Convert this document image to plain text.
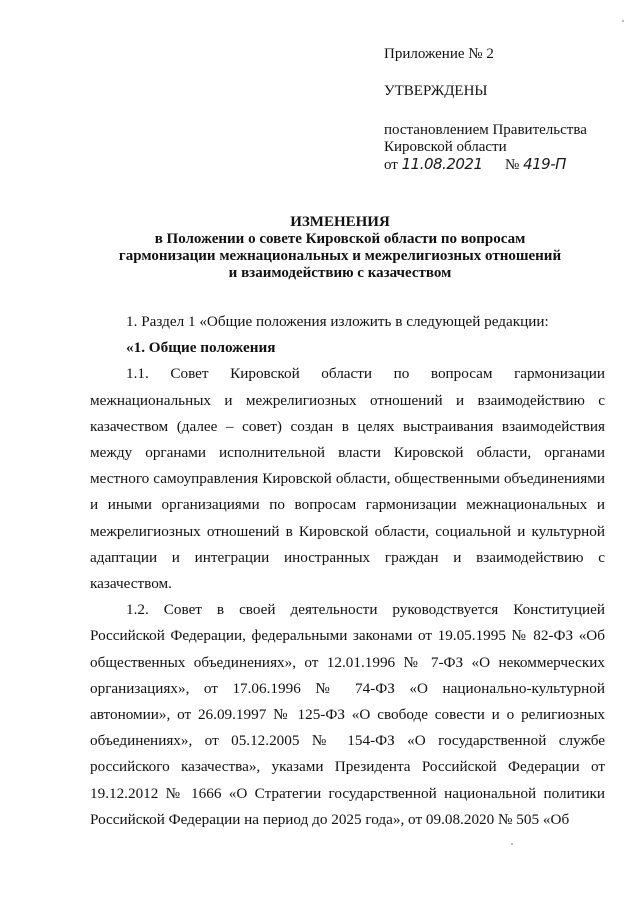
Приложение № 2
УТВЕРЖДЕНЫ
постановлением Правительства
Кировской области
от 11.08.2021 № 419-П
ИЗМЕНЕНИЯ
в Положении о совете Кировской области по вопросам
гармонизации межнациональных и межрелигиозных отношений
и взаимодействию с казачеством

1. Раздел 1 «Общие положения изложить в следующей редакции:

«1. Общие положения

1.1. Совет Кировской области по вопросам гармонизации межнациональных и межрелигиозных отношений и взаимодействию с казачеством (далее – совет) создан в целях выстраивания взаимодействия между органами исполнительной власти Кировской области, органами местного самоуправления Кировской области, общественными объединениями и иными организациями по вопросам гармонизации межнациональных и межрелигиозных отношений в Кировской области, социальной и культурной адаптации и интеграции иностранных граждан и взаимодействию с казачеством.

1.2. Совет в своей деятельности руководствуется Конституцией Российской Федерации, федеральными законами от 19.05.1995 № 82-ФЗ «Об общественных объединениях», от 12.01.1996 № 7-ФЗ «О некоммерческих организациях», от 17.06.1996 № 74-ФЗ «О национально-культурной автономии», от 26.09.1997 № 125-ФЗ «О свободе совести и о религиозных объединениях», от 05.12.2005 № 154-ФЗ «О государственной службе российского казачества», указами Президента Российской Федерации от 19.12.2012 № 1666 «О Стратегии государственной национальной политики Российской Федерации на период до 2025 года», от 09.08.2020 № 505 «Об
